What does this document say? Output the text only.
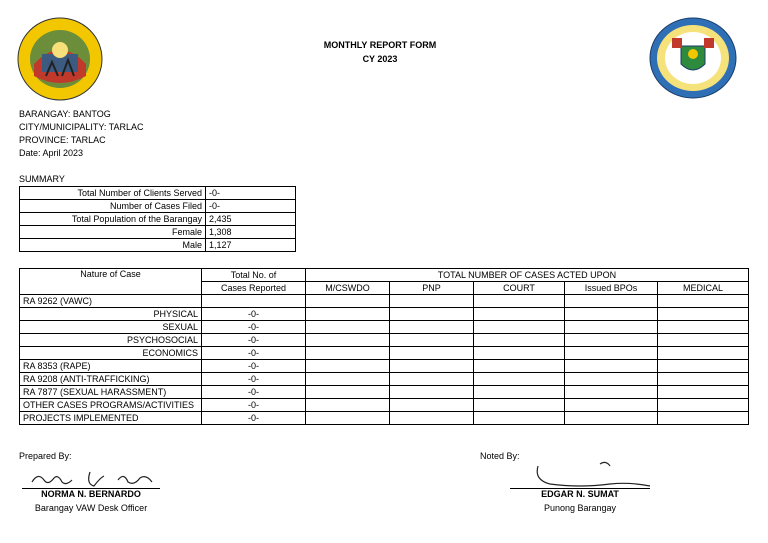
MONTHLY REPORT FORM
CY 2023
BARANGAY: BANTOG
CITY/MUNICIPALITY: TARLAC
PROVINCE: TARLAC
Date: April 2023
SUMMARY
Total Number of Clients Served	-0-
Number of Cases Filed	-0-
Total Population of the Barangay	2,435
Female	1,308
Male	1,127
Nature of Case	Total No. of	TOTAL NUMBER OF CASES ACTED UPON				
	Cases Reported	M/CSWDO	PNP	COURT	Issued BPOs	MEDICAL
RA 9262 (VAWC)						
PHYSICAL	-0-					
SEXUAL	-0-					
PSYCHOSOCIAL	-0-					
ECONOMICS	-0-					
RA 8353 (RAPE)	-0-					
RA 9208 (ANTI-TRAFFICKING)	-0-					
RA 7877 (SEXUAL HARASSMENT)	-0-					
OTHER CASES PROGRAMS/ACTIVITIES	-0-					
PROJECTS IMPLEMENTED	-0-					
Prepared By:
NORMA N. BERNARDO
Barangay VAW Desk Officer
Noted By:
EDGAR N. SUMAT
Punong Barangay
